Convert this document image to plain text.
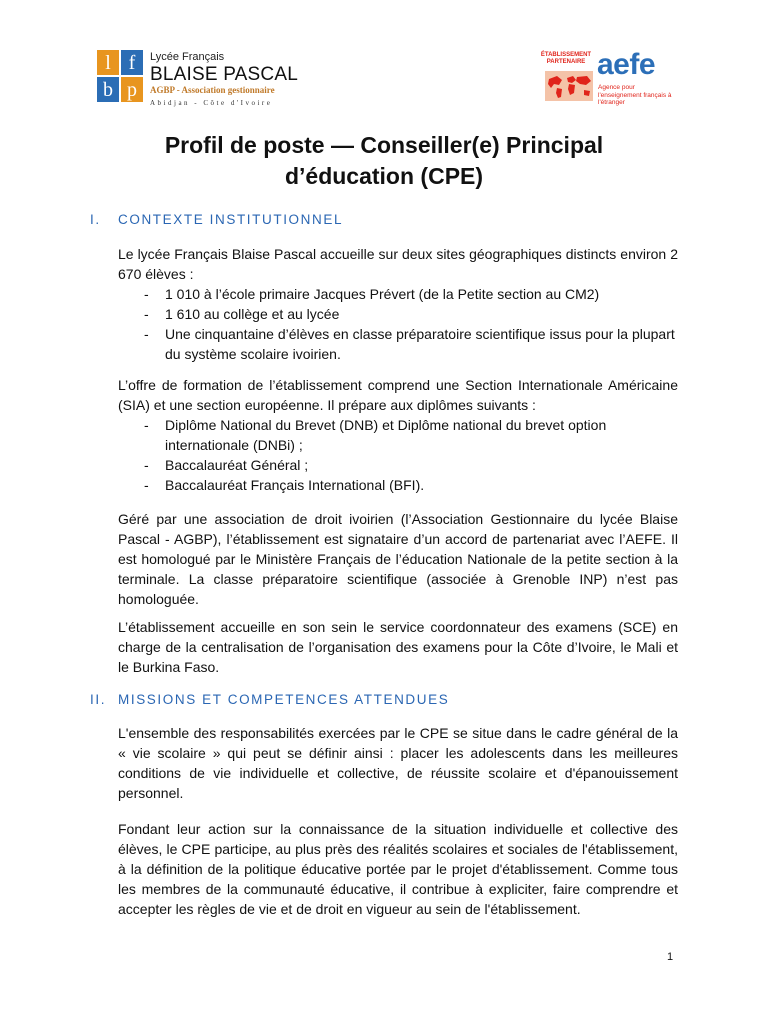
l f
b p
Lycée Français
BLAISE PASCAL
AGBP - Association gestionnaire
Abidjan - Côte d'Ivoire
ÉTABLISSEMENT PARTENAIRE aefe
Agence pour l'enseignement français à l'étranger
Profil de poste — Conseiller(e) Principal
d’éducation (CPE)
I. CONTEXTE INSTITUTIONNEL

Le lycée Français Blaise Pascal accueille sur deux sites géographiques distincts environ 2 670 élèves :

- 1 010 à l’école primaire Jacques Prévert (de la Petite section au CM2)
- 1 610 au collège et au lycée
- Une cinquantaine d’élèves en classe préparatoire scientifique issus pour la plupart du système scolaire ivoirien.

L’offre de formation de l’établissement comprend une Section Internationale Américaine (SIA) et une section européenne. Il prépare aux diplômes suivants :

- Diplôme National du Brevet (DNB) et Diplôme national du brevet option internationale (DNBi) ;
- Baccalauréat Général ;
- Baccalauréat Français International (BFI).

Géré par une association de droit ivoirien (l’Association Gestionnaire du lycée Blaise Pascal - AGBP), l’établissement est signataire d’un accord de partenariat avec l’AEFE. Il est homologué par le Ministère Français de l’éducation Nationale de la petite section à la terminale. La classe préparatoire scientifique (associée à Grenoble INP) n’est pas homologuée.

L’établissement accueille en son sein le service coordonnateur des examens (SCE) en charge de la centralisation de l’organisation des examens pour la Côte d’Ivoire, le Mali et le Burkina Faso.

II. MISSIONS ET COMPETENCES ATTENDUES

L'ensemble des responsabilités exercées par le CPE se situe dans le cadre général de la « vie scolaire » qui peut se définir ainsi : placer les adolescents dans les meilleures conditions de vie individuelle et collective, de réussite scolaire et d'épanouissement personnel.

Fondant leur action sur la connaissance de la situation individuelle et collective des élèves, le CPE participe, au plus près des réalités scolaires et sociales de l'établissement, à la définition de la politique éducative portée par le projet d'établissement. Comme tous les membres de la communauté éducative, il contribue à expliciter, faire comprendre et accepter les règles de vie et de droit en vigueur au sein de l'établissement.

1
